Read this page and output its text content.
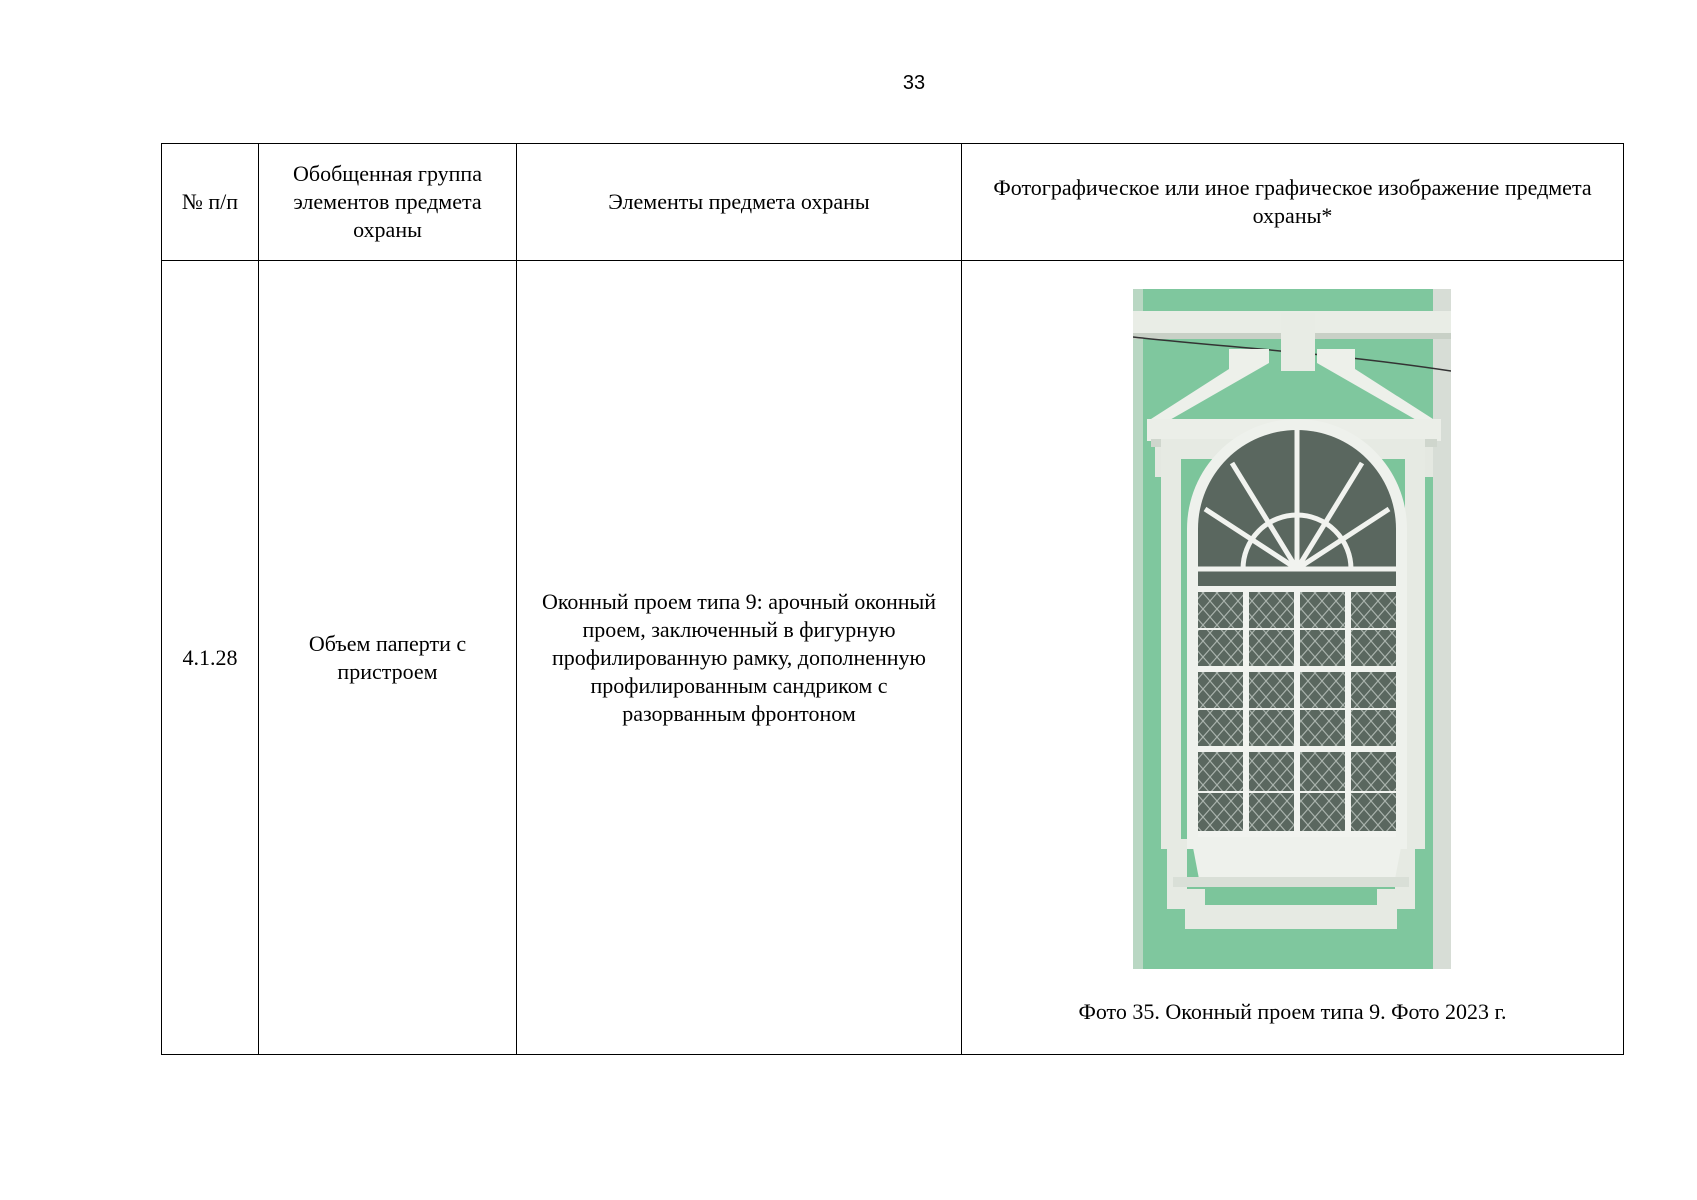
33
№ п/п	Обобщенная группа элементов предмета охраны	Элементы предмета охраны	Фотографическое или иное графическое изображение предмета охраны*
4.1.28	Объем паперти с пристроем	Оконный проем типа 9: арочный оконный проем, заключенный в фигурную профилированную рамку, дополненную профилированным сандриком с разорванным фронтоном	Фото 35. Оконный проем типа 9. Фото 2023 г.
